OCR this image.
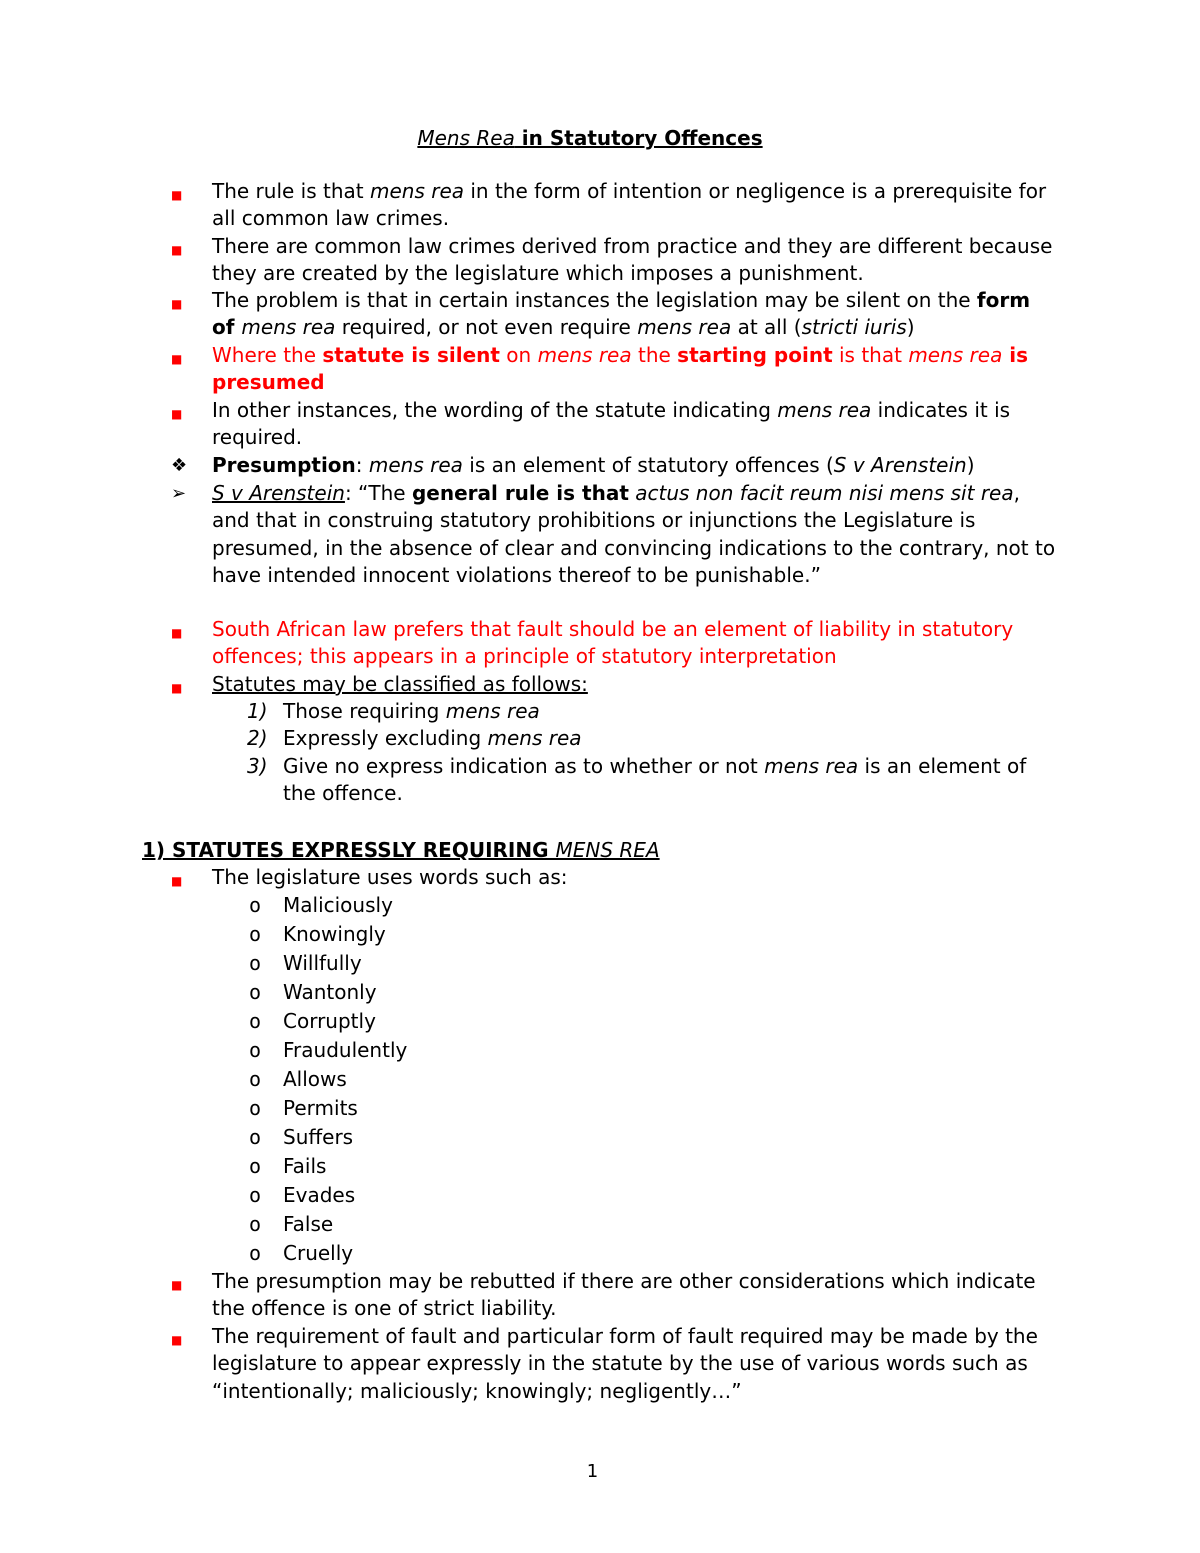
Mens Rea in Statutory Offences
■ The rule is that mens rea in the form of intention or negligence is a prerequisite for all common law crimes.
■ There are common law crimes derived from practice and they are different because they are created by the legislature which imposes a punishment.
■ The problem is that in certain instances the legislation may be silent on the form of mens rea required, or not even require mens rea at all (stricti iuris)
■ Where the statute is silent on mens rea the starting point is that mens rea is presumed
■ In other instances, the wording of the statute indicating mens rea indicates it is required.
❖ Presumption: mens rea is an element of statutory offences (S v Arenstein)
➢ S v Arenstein: “The general rule is that actus non facit reum nisi mens sit rea, and that in construing statutory prohibitions or injunctions the Legislature is presumed, in the absence of clear and convincing indications to the contrary, not to have intended innocent violations thereof to be punishable.”
■ South African law prefers that fault should be an element of liability in statutory offences; this appears in a principle of statutory interpretation
■ Statutes may be classified as follows:
1) Those requiring mens rea
2) Expressly excluding mens rea
3) Give no express indication as to whether or not mens rea is an element of the offence.
1) STATUTES EXPRESSLY REQUIRING MENS REA
■ The legislature uses words such as:
o Maliciously
o Knowingly
o Willfully
o Wantonly
o Corruptly
o Fraudulently
o Allows
o Permits
o Suffers
o Fails
o Evades
o False
o Cruelly
■ The presumption may be rebutted if there are other considerations which indicate the offence is one of strict liability.
■ The requirement of fault and particular form of fault required may be made by the legislature to appear expressly in the statute by the use of various words such as “intentionally; maliciously; knowingly; negligently…”
1
